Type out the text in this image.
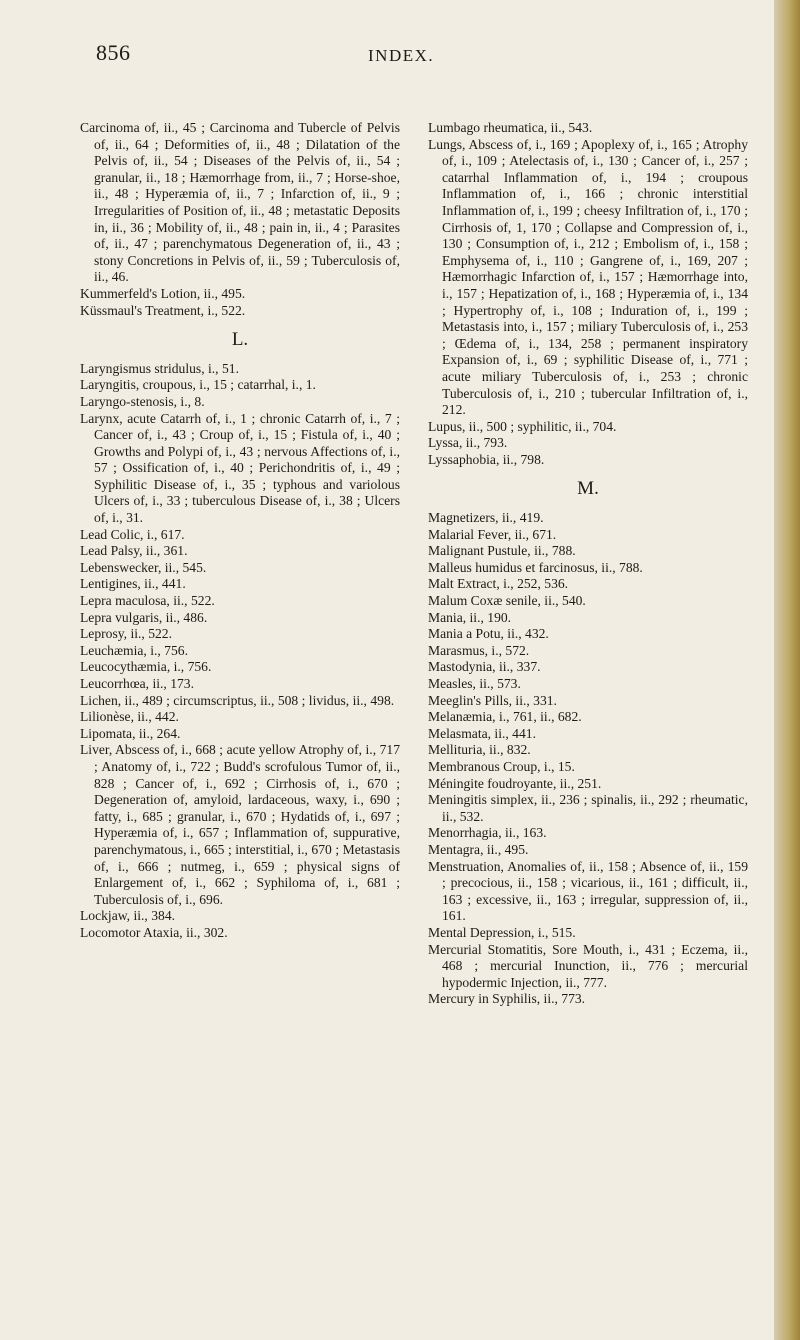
856	INDEX.

Carcinoma of, ii., 45 ; Carcinoma and Tubercle of Pelvis of, ii., 64 ; Deformities of, ii., 48 ; Dilatation of the Pelvis of, ii., 54 ; Diseases of the Pelvis of, ii., 54 ; granular, ii., 18 ; Hæmorrhage from, ii., 7 ; Horse-shoe, ii., 48 ; Hyperæmia of, ii., 7 ; Infarction of, ii., 9 ; Irregularities of Position of, ii., 48 ; metastatic Deposits in, ii., 36 ; Mobility of, ii., 48 ; pain in, ii., 4 ; Parasites of, ii., 47 ; parenchymatous Degeneration of, ii., 43 ; stony Concretions in Pelvis of, ii., 59 ; Tuberculosis of, ii., 46.

Kummerfeld's Lotion, ii., 495.

Küssmaul's Treatment, i., 522.

L.

Laryngismus stridulus, i., 51.

Laryngitis, croupous, i., 15 ; catarrhal, i., 1.

Laryngo-stenosis, i., 8.

Larynx, acute Catarrh of, i., 1 ; chronic Catarrh of, i., 7 ; Cancer of, i., 43 ; Croup of, i., 15 ; Fistula of, i., 40 ; Growths and Polypi of, i., 43 ; nervous Affections of, i., 57 ; Ossification of, i., 40 ; Perichondritis of, i., 49 ; Syphilitic Disease of, i., 35 ; typhous and variolous Ulcers of, i., 33 ; tuberculous Disease of, i., 38 ; Ulcers of, i., 31.

Lead Colic, i., 617.

Lead Palsy, ii., 361.

Lebenswecker, ii., 545.

Lentigines, ii., 441.

Lepra maculosa, ii., 522.

Lepra vulgaris, ii., 486.

Leprosy, ii., 522.

Leuchæmia, i., 756.

Leucocythæmia, i., 756.

Leucorrhœa, ii., 173.

Lichen, ii., 489 ; circumscriptus, ii., 508 ; lividus, ii., 498.

Lilionèse, ii., 442.

Lipomata, ii., 264.

Liver, Abscess of, i., 668 ; acute yellow Atrophy of, i., 717 ; Anatomy of, i., 722 ; Budd's scrofulous Tumor of, ii., 828 ; Cancer of, i., 692 ; Cirrhosis of, i., 670 ; Degeneration of, amyloid, lardaceous, waxy, i., 690 ; fatty, i., 685 ; granular, i., 670 ; Hydatids of, i., 697 ; Hyperæmia of, i., 657 ; Inflammation of, suppurative, parenchymatous, i., 665 ; interstitial, i., 670 ; Metastasis of, i., 666 ; nutmeg, i., 659 ; physical signs of Enlargement of, i., 662 ; Syphiloma of, i., 681 ; Tuberculosis of, i., 696.

Lockjaw, ii., 384.

Locomotor Ataxia, ii., 302.

Lumbago rheumatica, ii., 543.

Lungs, Abscess of, i., 169 ; Apoplexy of, i., 165 ; Atrophy of, i., 109 ; Atelectasis of, i., 130 ; Cancer of, i., 257 ; catarrhal Inflammation of, i., 194 ; croupous Inflammation of, i., 166 ; chronic interstitial Inflammation of, i., 199 ; cheesy Infiltration of, i., 170 ; Cirrhosis of, 1, 170 ; Collapse and Compression of, i., 130 ; Consumption of, i., 212 ; Embolism of, i., 158 ; Emphysema of, i., 110 ; Gangrene of, i., 169, 207 ; Hæmorrhagic Infarction of, i., 157 ; Hæmorrhage into, i., 157 ; Hepatization of, i., 168 ; Hyperæmia of, i., 134 ; Hypertrophy of, i., 108 ; Induration of, i., 199 ; Metastasis into, i., 157 ; miliary Tuberculosis of, i., 253 ; Œdema of, i., 134, 258 ; permanent inspiratory Expansion of, i., 69 ; syphilitic Disease of, i., 771 ; acute miliary Tuberculosis of, i., 253 ; chronic Tuberculosis of, i., 210 ; tubercular Infiltration of, i., 212.

Lupus, ii., 500 ; syphilitic, ii., 704.

Lyssa, ii., 793.

Lyssaphobia, ii., 798.

M.

Magnetizers, ii., 419.

Malarial Fever, ii., 671.

Malignant Pustule, ii., 788.

Malleus humidus et farcinosus, ii., 788.

Malt Extract, i., 252, 536.

Malum Coxæ senile, ii., 540.

Mania, ii., 190.

Mania a Potu, ii., 432.

Marasmus, i., 572.

Mastodynia, ii., 337.

Measles, ii., 573.

Meeglin's Pills, ii., 331.

Melanæmia, i., 761, ii., 682.

Melasmata, ii., 441.

Mellituria, ii., 832.

Membranous Croup, i., 15.

Méningite foudroyante, ii., 251.

Meningitis simplex, ii., 236 ; spinalis, ii., 292 ; rheumatic, ii., 532.

Menorrhagia, ii., 163.

Mentagra, ii., 495.

Menstruation, Anomalies of, ii., 158 ; Absence of, ii., 159 ; precocious, ii., 158 ; vicarious, ii., 161 ; difficult, ii., 163 ; excessive, ii., 163 ; irregular, suppression of, ii., 161.

Mental Depression, i., 515.

Mercurial Stomatitis, Sore Mouth, i., 431 ; Eczema, ii., 468 ; mercurial Inunction, ii., 776 ; mercurial hypodermic Injection, ii., 777.

Mercury in Syphilis, ii., 773.
